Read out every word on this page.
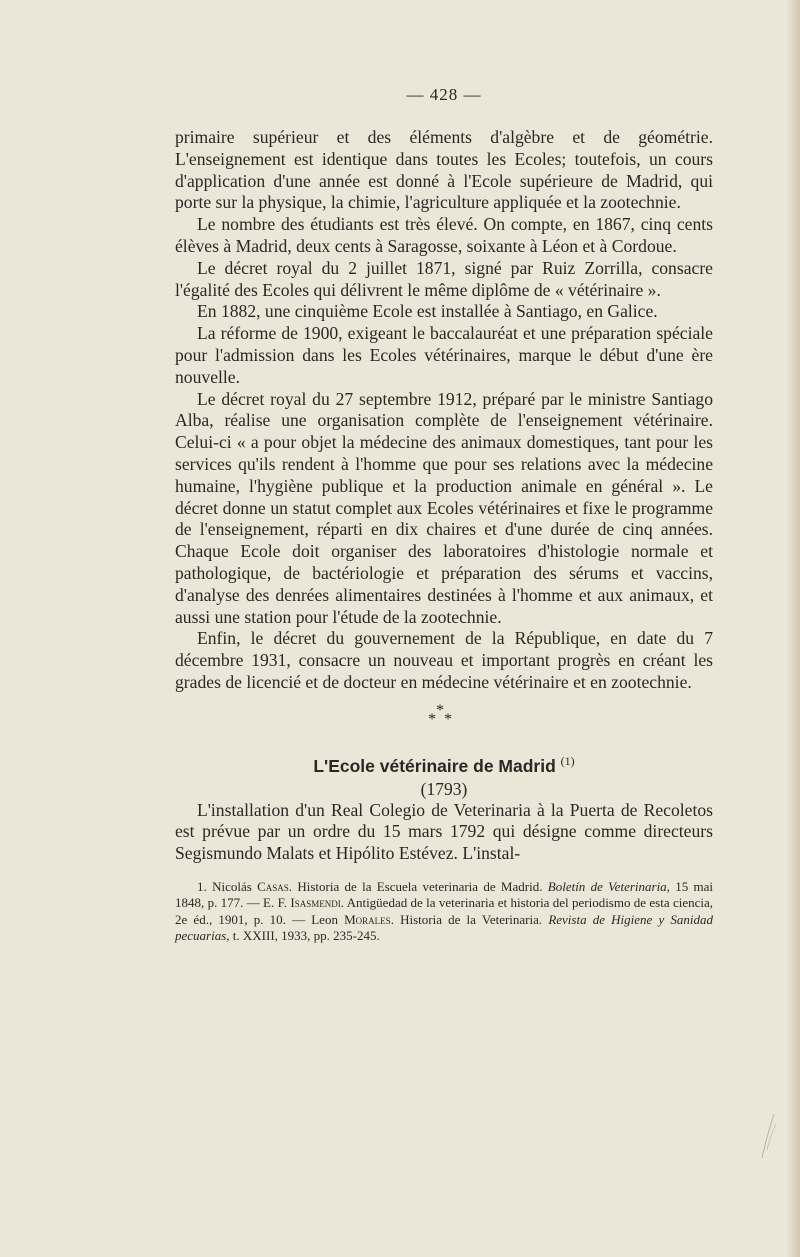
— 428 —

primaire supérieur et des éléments d'algèbre et de géométrie. L'enseignement est identique dans toutes les Ecoles; toutefois, un cours d'application d'une année est donné à l'Ecole supérieure de Madrid, qui porte sur la physique, la chimie, l'agriculture appliquée et la zootechnie.

Le nombre des étudiants est très élevé. On compte, en 1867, cinq cents élèves à Madrid, deux cents à Saragosse, soixante à Léon et à Cordoue.

Le décret royal du 2 juillet 1871, signé par Ruiz Zorrilla, consacre l'égalité des Ecoles qui délivrent le même diplôme de « vétérinaire ».

En 1882, une cinquième Ecole est installée à Santiago, en Galice.

La réforme de 1900, exigeant le baccalauréat et une préparation spéciale pour l'admission dans les Ecoles vétérinaires, marque le début d'une ère nouvelle.

Le décret royal du 27 septembre 1912, préparé par le ministre Santiago Alba, réalise une organisation complète de l'enseignement vétérinaire. Celui-ci « a pour objet la médecine des animaux domestiques, tant pour les services qu'ils rendent à l'homme que pour ses relations avec la médecine humaine, l'hygiène publique et la production animale en général ». Le décret donne un statut complet aux Ecoles vétérinaires et fixe le programme de l'enseignement, réparti en dix chaires et d'une durée de cinq années. Chaque Ecole doit organiser des laboratoires d'histologie normale et pathologique, de bactériologie et préparation des sérums et vaccins, d'analyse des denrées alimentaires destinées à l'homme et aux animaux, et aussi une station pour l'étude de la zootechnie.

Enfin, le décret du gouvernement de la République, en date du 7 décembre 1931, consacre un nouveau et important progrès en créant les grades de licencié et de docteur en médecine vétérinaire et en zootechnie.

*
* *

L'Ecole vétérinaire de Madrid $^{(1)}$

(1793)

L'installation d'un Real Colegio de Veterinaria à la Puerta de Recoletos est prévue par un ordre du 15 mars 1792 qui désigne comme directeurs Segismundo Malats et Hipólito Estévez. L'instal-

1. Nicolás Casas. Historia de la Escuela veterinaria de Madrid. Boletín de Veterinaria, 15 mai 1848, p. 177. — E. F. Isasmendi. Antigüedad de la veterinaria et historia del periodismo de esta ciencia, 2e éd., 1901, p. 10. — Leon Morales. Historia de la Veterinaria. Revista de Higiene y Sanidad pecuarias, t. XXIII, 1933, pp. 235-245.
